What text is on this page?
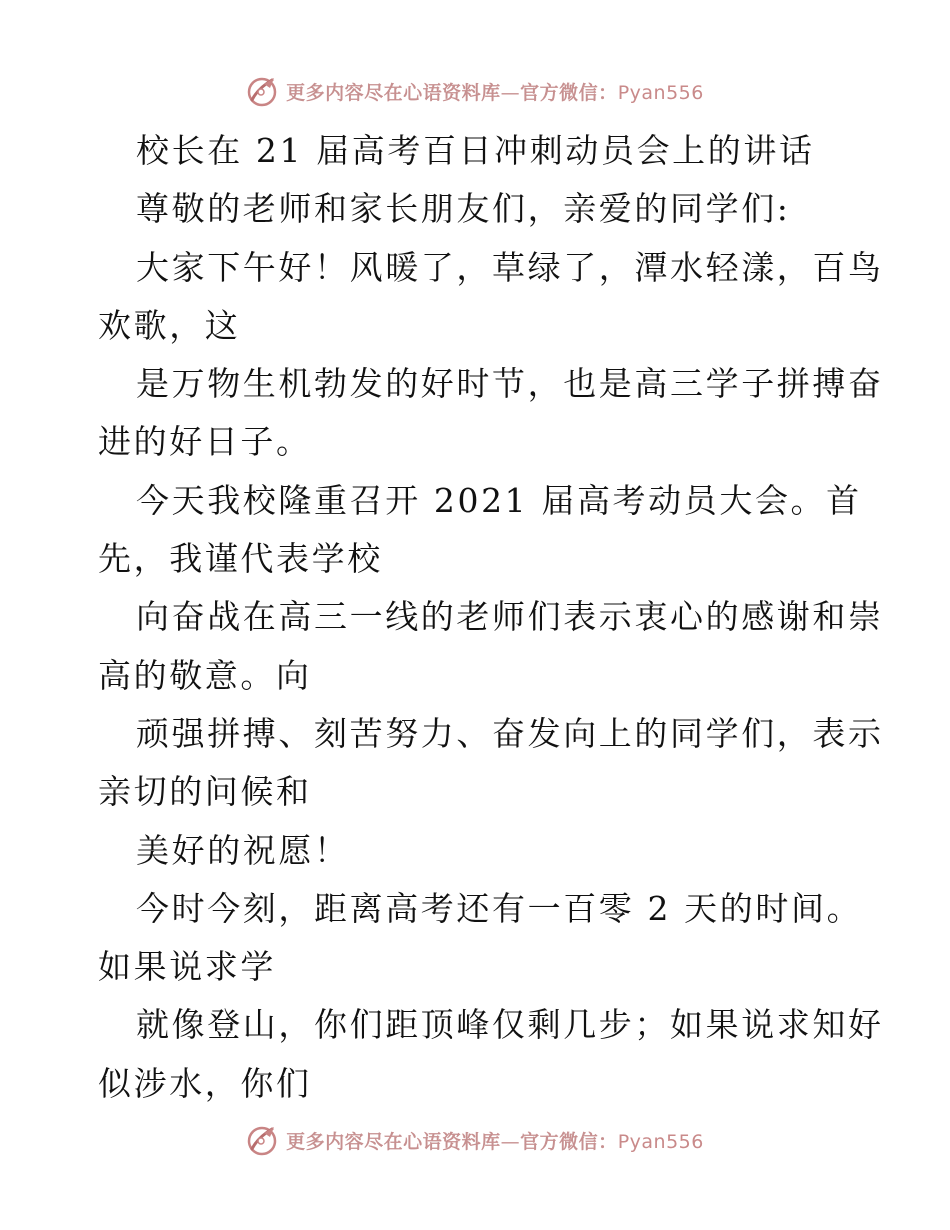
更多内容尽在心语资料库—官方微信：Pyan556
校长在 21 届高考百日冲刺动员会上的讲话
尊敬的老师和家长朋友们，亲爱的同学们:
大家下午好！风暖了，草绿了，潭水轻漾，百鸟
欢歌，这
是万物生机勃发的好时节，也是高三学子拼搏奋
进的好日子。
今天我校隆重召开 2021 届高考动员大会。首
先，我谨代表学校
向奋战在高三一线的老师们表示衷心的感谢和崇
高的敬意。向
顽强拼搏、刻苦努力、奋发向上的同学们，表示
亲切的问候和
美好的祝愿！
今时今刻，距离高考还有一百零 2 天的时间。
如果说求学
就像登山，你们距顶峰仅剩几步；如果说求知好
似涉水，你们
更多内容尽在心语资料库—官方微信：Pyan556
